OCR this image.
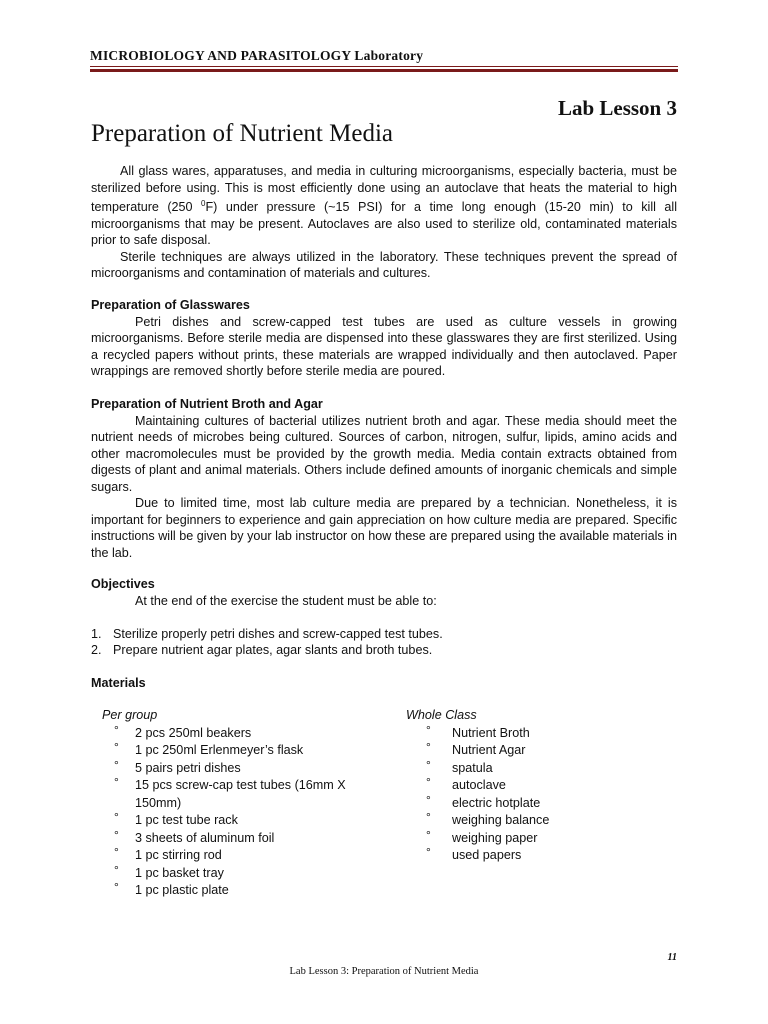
MICROBIOLOGY AND PARASITOLOGY Laboratory
Lab Lesson 3
Preparation of Nutrient Media

All glass wares, apparatuses, and media in culturing microorganisms, especially bacteria, must be sterilized before using. This is most efficiently done using an autoclave that heats the material to high temperature (250 $^0$F) under pressure (~15 PSI) for a time long enough (15-20 min) to kill all microorganisms that may be present. Autoclaves are also used to sterilize old, contaminated materials prior to safe disposal.

Sterile techniques are always utilized in the laboratory. These techniques prevent the spread of microorganisms and contamination of materials and cultures.

Preparation of Glasswares

Petri dishes and screw-capped test tubes are used as culture vessels in growing microorganisms. Before sterile media are dispensed into these glasswares they are first sterilized. Using a recycled papers without prints, these materials are wrapped individually and then autoclaved. Paper wrappings are removed shortly before sterile media are poured.

Preparation of Nutrient Broth and Agar

Maintaining cultures of bacterial utilizes nutrient broth and agar. These media should meet the nutrient needs of microbes being cultured. Sources of carbon, nitrogen, sulfur, lipids, amino acids and other macromolecules must be provided by the growth media. Media contain extracts obtained from digests of plant and animal materials. Others include defined amounts of inorganic chemicals and simple sugars.

Due to limited time, most lab culture media are prepared by a technician. Nonetheless, it is important for beginners to experience and gain appreciation on how culture media are prepared. Specific instructions will be given by your lab instructor on how these are prepared using the available materials in the lab.

Objectives

At the end of the exercise the student must be able to:

1. Sterilize properly petri dishes and screw-capped test tubes.
2. Prepare nutrient agar plates, agar slants and broth tubes.

Materials

Per group
° 2 pcs 250ml beakers
° 1 pc 250ml Erlenmeyer’s flask
° 5 pairs petri dishes
° 15 pcs screw-cap test tubes (16mm X 150mm)
° 1 pc test tube rack
° 3 sheets of aluminum foil
° 1 pc stirring rod
° 1 pc basket tray
° 1 pc plastic plate
Whole Class
° Nutrient Broth
° Nutrient Agar
° spatula
° autoclave
° electric hotplate
° weighing balance
° weighing paper
° used papers
11
Lab Lesson 3: Preparation of Nutrient Media
